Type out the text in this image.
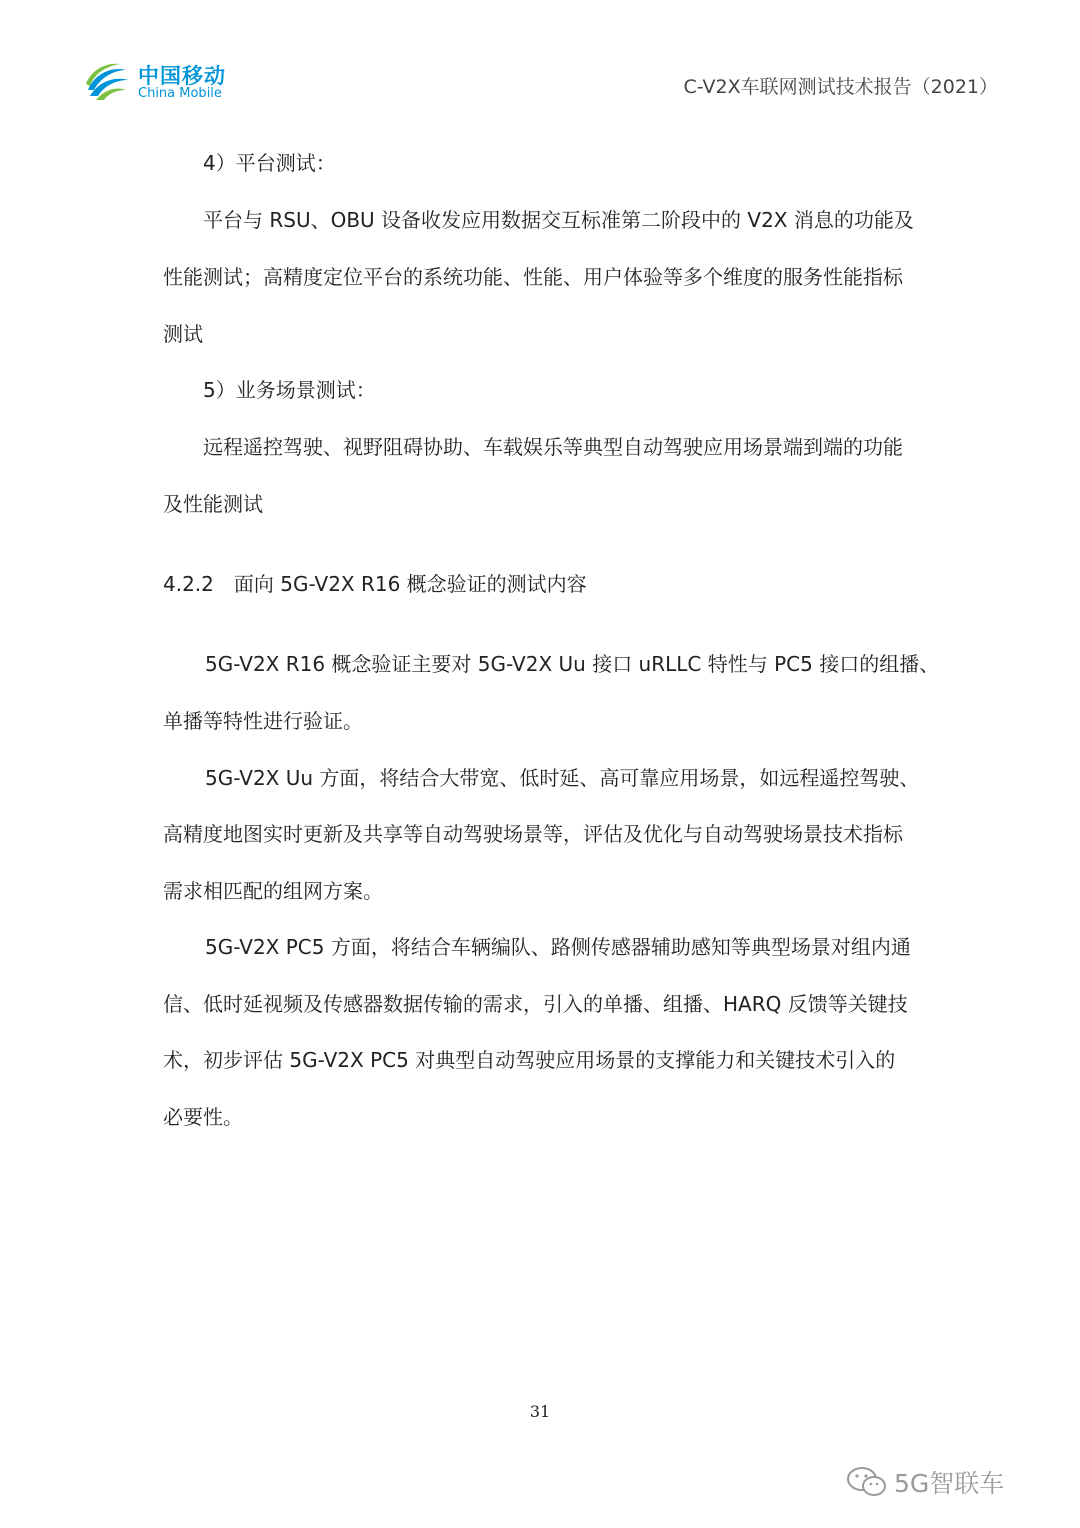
中国移动
China Mobile	C-V2X车联网测试技术报告（2021）
4）平台测试：
平台与 RSU、OBU 设备收发应用数据交互标准第二阶段中的 V2X 消息的功能及
性能测试；高精度定位平台的系统功能、性能、用户体验等多个维度的服务性能指标
测试
5）业务场景测试：
远程遥控驾驶、视野阻碍协助、车载娱乐等典型自动驾驶应用场景端到端的功能
及性能测试
4.2.2　面向 5G-V2X R16 概念验证的测试内容
5G-V2X R16 概念验证主要对 5G-V2X Uu 接口 uRLLC 特性与 PC5 接口的组播、
单播等特性进行验证。
5G-V2X Uu 方面，将结合大带宽、低时延、高可靠应用场景，如远程遥控驾驶、
高精度地图实时更新及共享等自动驾驶场景等，评估及优化与自动驾驶场景技术指标
需求相匹配的组网方案。
5G-V2X PC5 方面，将结合车辆编队、路侧传感器辅助感知等典型场景对组内通
信、低时延视频及传感器数据传输的需求，引入的单播、组播、HARQ 反馈等关键技
术，初步评估 5G-V2X PC5 对典型自动驾驶应用场景的支撑能力和关键技术引入的
必要性。
31
5G智联车
